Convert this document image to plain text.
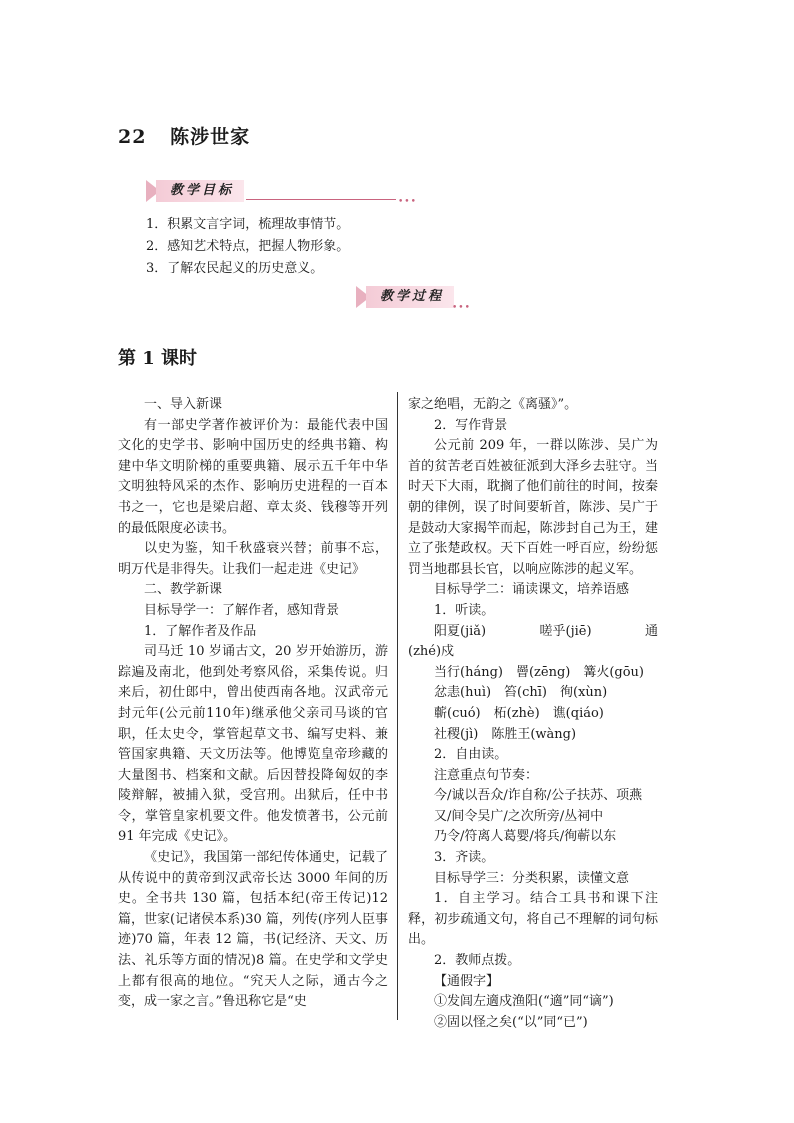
22 陈涉世家
教学目标
•••
1．积累文言字词，梳理故事情节。
2．感知艺术特点，把握人物形象。
3．了解农民起义的历史意义。
教学过程
•••
第 1 课时

一、导入新课

有一部史学著作被评价为：最能代表中国文化的史学书、影响中国历史的经典书籍、构建中华文明阶梯的重要典籍、展示五千年中华文明独特风采的杰作、影响历史进程的一百本书之一，它也是梁启超、章太炎、钱穆等开列的最低限度必读书。

以史为鉴，知千秋盛衰兴替；前事不忘，明万代是非得失。让我们一起走进《史记》

二、教学新课

目标导学一：了解作者，感知背景

1．了解作者及作品

司马迁 10 岁诵古文，20 岁开始游历，游踪遍及南北，他到处考察风俗，采集传说。归来后，初仕郎中，曾出使西南各地。汉武帝元封元年(公元前110年)继承他父亲司马谈的官职，任太史令，掌管起草文书、编写史料、兼管国家典籍、天文历法等。他博览皇帝珍藏的大量图书、档案和文献。后因替投降匈奴的李陵辩解，被捕入狱，受宫刑。出狱后，任中书令，掌管皇家机要文件。他发愤著书，公元前 91 年完成《史记》。

《史记》，我国第一部纪传体通史，记载了从传说中的黄帝到汉武帝长达 3000 年间的历史。全书共 130 篇，包括本纪(帝王传记)12篇，世家(记诸侯本系)30 篇，列传(序列人臣事迹)70 篇，年表 12 篇，书(记经济、天文、历法、礼乐等方面的情况)8 篇。在史学和文学史上都有很高的地位。“究天人之际，通古今之变，成一家之言。”鲁迅称它是“史

家之绝唱，无韵之《离骚》”。

2．写作背景

公元前 209 年，一群以陈涉、吴广为首的贫苦老百姓被征派到大泽乡去驻守。当时天下大雨，耽搁了他们前往的时间，按秦朝的律例，误了时间要斩首，陈涉、吴广于是鼓动大家揭竿而起，陈涉封自己为王，建立了张楚政权。天下百姓一呼百应，纷纷惩罚当地郡县长官，以响应陈涉的起义军。

目标导学二：诵读课文，培养语感

1．听读。

阳夏(jiǎ)	嗟乎(jiē)	通

(zhé)戍

当行(háng)　罾(zēng)　篝火(gōu)

忿恚(huì)　笞(chī)　徇(xùn)

蘄(cuó)　柘(zhè)　谯(qiáo)

社稷(jì)　陈胜王(wàng)

2．自由读。

注意重点句节奏：

今/诚以吾众/诈自称/公子扶苏、项燕

又/间令吴广/之次所旁/丛祠中

乃令/符离人葛婴/将兵/徇蕲以东

3．齐读。

目标导学三：分类积累，读懂文意

1．自主学习。结合工具书和课下注释，初步疏通文句，将自己不理解的词句标出。

2．教师点拨。

【通假字】

①发闾左適戍渔阳(“適”同“谪”)

②固以怪之矣(“以”同“已”)
